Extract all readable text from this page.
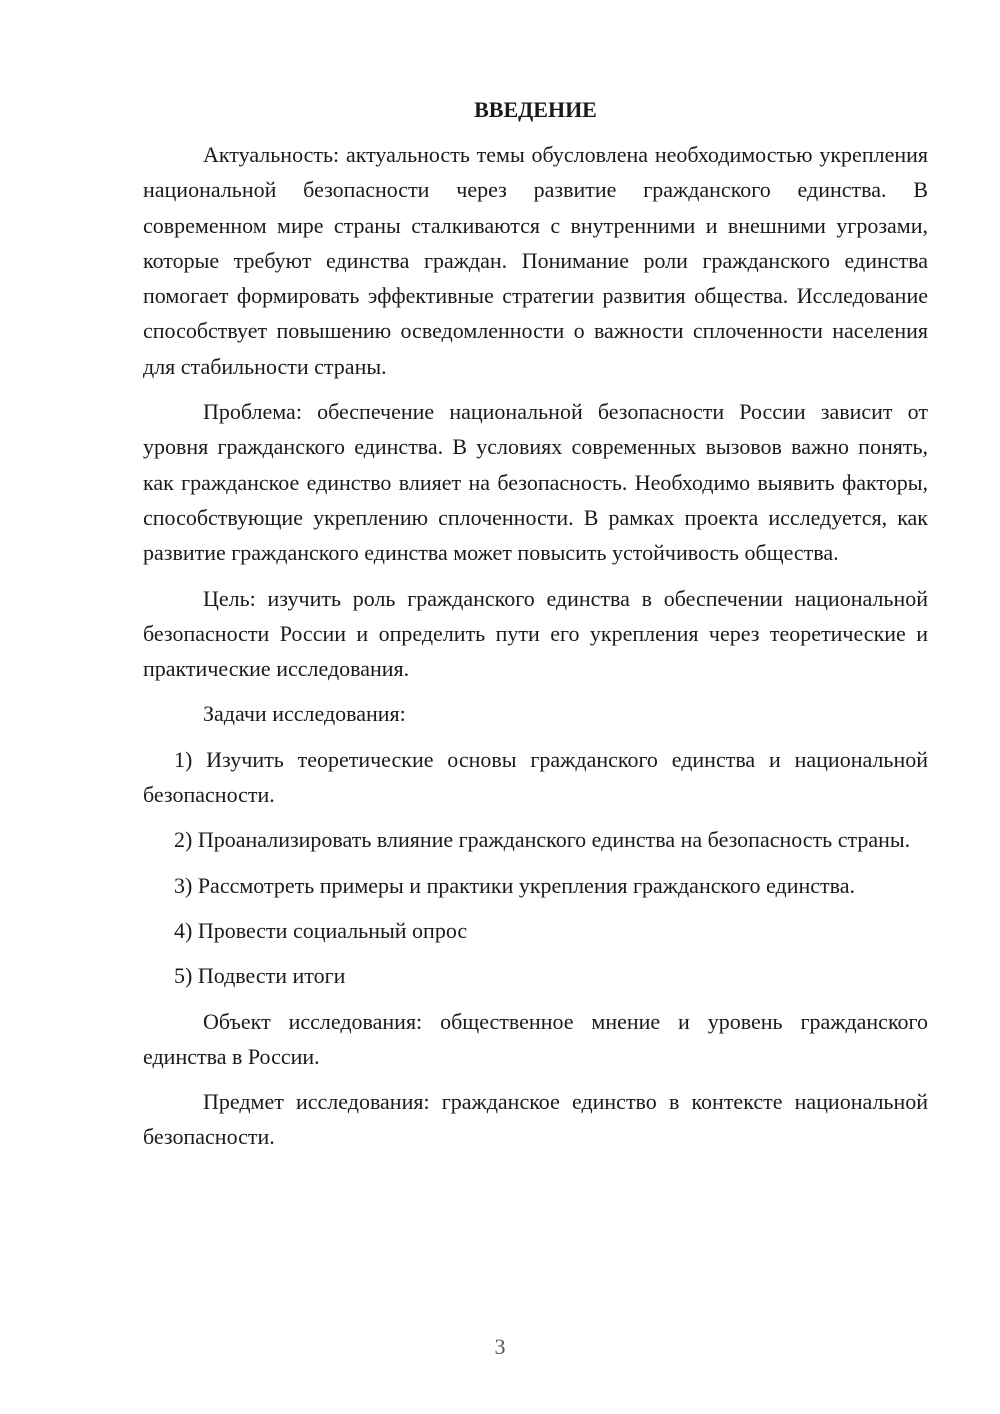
ВВЕДЕНИЕ

Актуальность: актуальность темы обусловлена необходимостью укрепления национальной безопасности через развитие гражданского единства. В современном мире страны сталкиваются с внутренними и внешними угрозами, которые требуют единства граждан. Понимание роли гражданского единства помогает формировать эффективные стратегии развития общества. Исследование способствует повышению осведомленности о важности сплоченности населения для стабильности страны.

Проблема: обеспечение национальной безопасности России зависит от уровня гражданского единства. В условиях современных вызовов важно понять, как гражданское единство влияет на безопасность. Необходимо выявить факторы, способствующие укреплению сплоченности. В рамках проекта исследуется, как развитие гражданского единства может повысить устойчивость общества.

Цель: изучить роль гражданского единства в обеспечении национальной безопасности России и определить пути его укрепления через теоретические и практические исследования.

Задачи исследования:

1) Изучить теоретические основы гражданского единства и национальной безопасности.

2) Проанализировать влияние гражданского единства на безопасность страны.

3) Рассмотреть примеры и практики укрепления гражданского единства.

4) Провести социальный опрос

5) Подвести итоги

Объект исследования: общественное мнение и уровень гражданского единства в России.

Предмет исследования: гражданское единство в контексте национальной безопасности.

3
